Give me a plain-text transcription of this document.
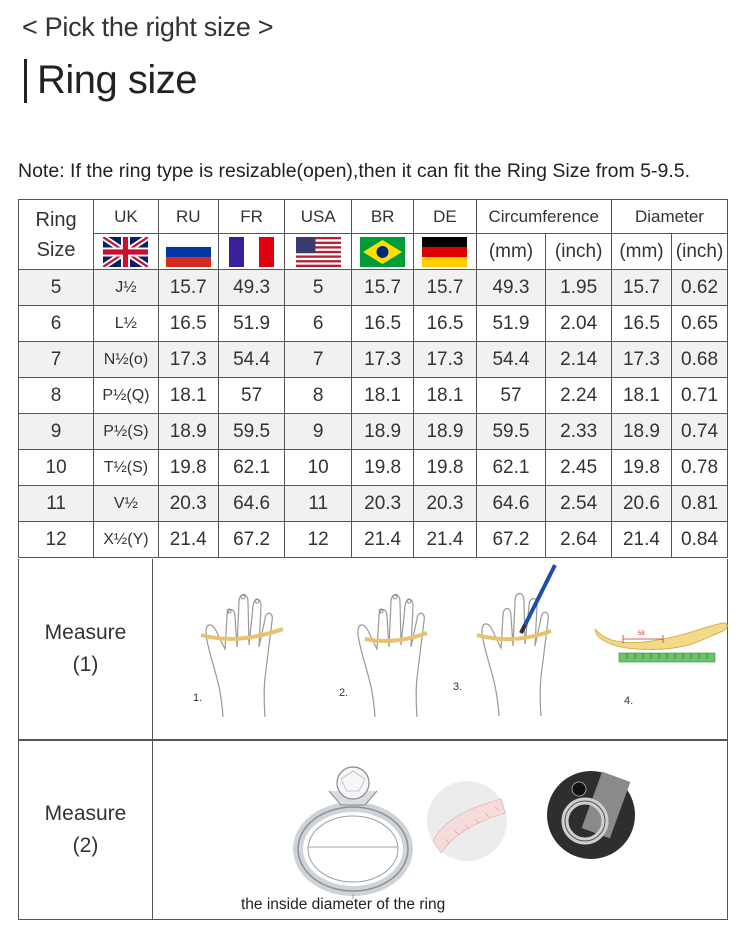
< Pick the right size >
Ring size
Note: If the ring type is resizable(open),then it can fit the Ring Size from 5-9.5.
Ring Size	UK	RU	FR	USA	BR	DE	Circumference		Diameter	
						(mm)	(inch)	(mm)	(inch)
5	J½	15.7	49.3	5	15.7	15.7	49.3	1.95	15.7	0.62
6	L½	16.5	51.9	6	16.5	16.5	51.9	2.04	16.5	0.65
7	N½(o)	17.3	54.4	7	17.3	17.3	54.4	2.14	17.3	0.68
8	P½(Q)	18.1	57	8	18.1	18.1	57	2.24	18.1	0.71
9	P½(S)	18.9	59.5	9	18.9	18.9	59.5	2.33	18.9	0.74
10	T½(S)	19.8	62.1	10	19.8	19.8	62.1	2.45	19.8	0.78
11	V½	20.3	64.6	11	20.3	20.3	64.6	2.54	20.6	0.81
12	X½(Y)	21.4	67.2	12	21.4	21.4	67.2	2.64	21.4	0.84
Measure
(1)
1.	2.	3.
58
4.
Measure
(2)
the inside diameter of the ring
